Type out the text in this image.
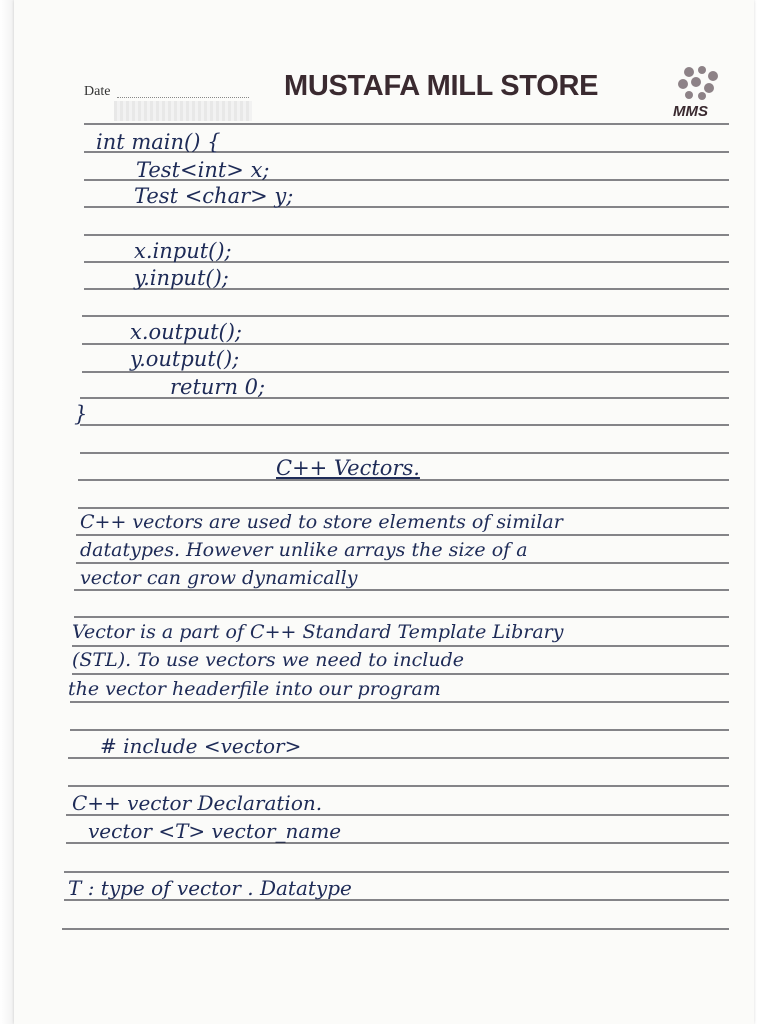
Date	MUSTAFA MILL STORE
MMS
int main() {
Test<int> x;
Test <char> y;
x.input();
y.input();
x.output();
y.output();
return 0;
}
C++ Vectors.
C++ vectors are used to store elements of similar
datatypes. However unlike arrays the size of a
vector can grow dynamically
Vector is a part of C++ Standard Template Library
(STL). To use vectors we need to include
the vector headerfile into our program
# include <vector>
C++ vector Declaration.
vector <T> vector_name
T : type of vector . Datatype
